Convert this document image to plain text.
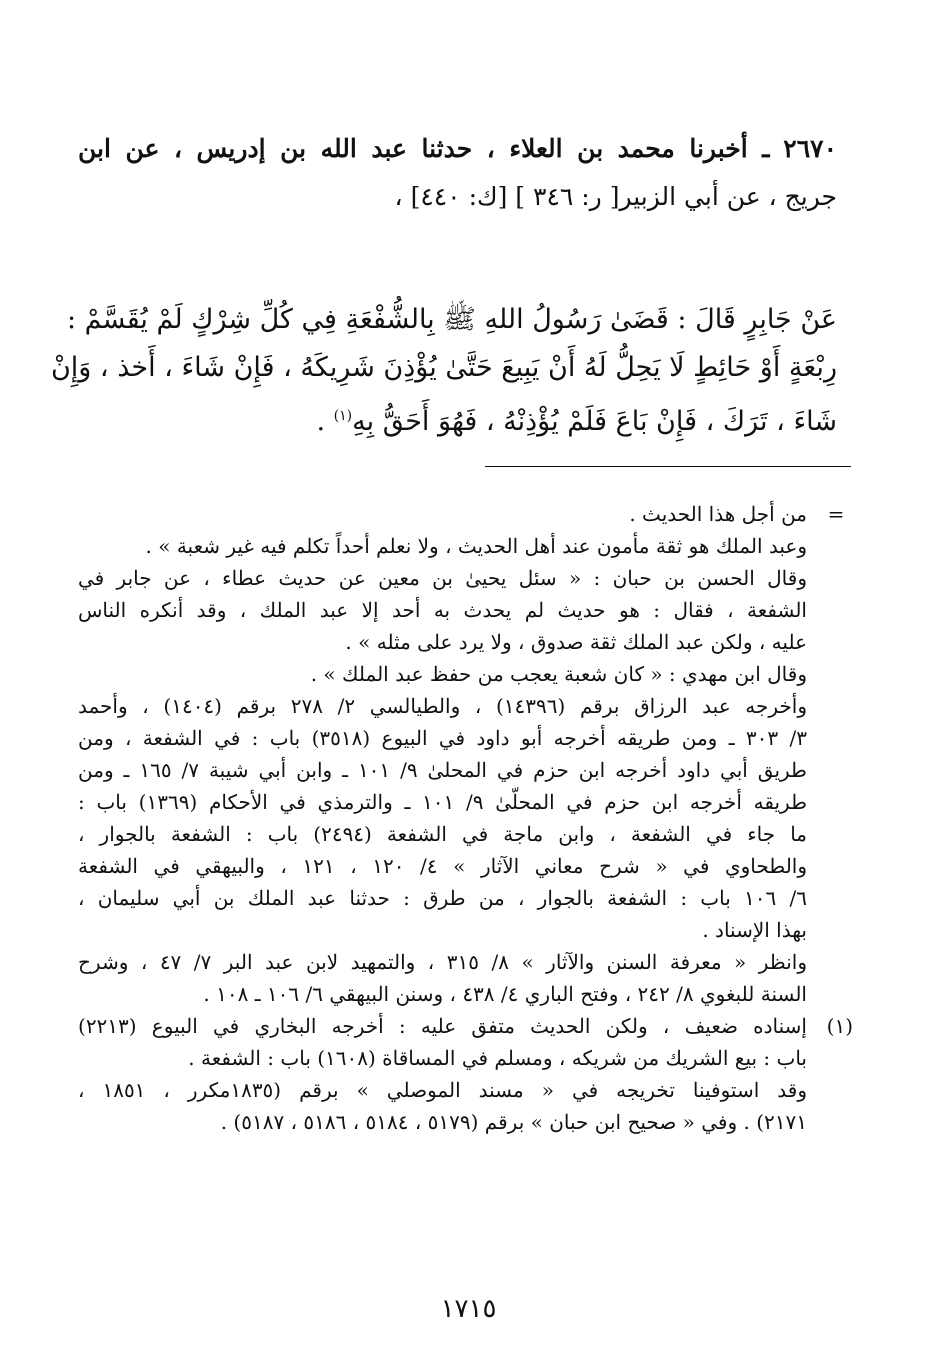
٢٦٧٠ ـ أخبرنا محمد بن العلاء ، حدثنا عبد الله بن إدريس ، عن ابن
جريج ، عن أبي الزبير[ ر: ٣٤٦ ] [ك: ٤٤٠] ،
عَنْ جَابِرٍ قَالَ : قَضَىٰ رَسُولُ اللهِ ﷺ بِالشُّفْعَةِ فِي كُلِّ شِرْكٍ لَمْ يُقَسَّمْ :
رِبْعَةٍ أَوْ حَائِطٍ لَا يَحِلُّ لَهُ أَنْ يَبِيعَ حَتَّىٰ يُؤْذِنَ شَرِيكَهُ ، فَإِنْ شَاءَ ، أَخذ ، وَإِنْ
شَاءَ ، تَرَكَ ، فَإِنْ بَاعَ فَلَمْ يُؤْذِنْهُ ، فَهُوَ أَحَقُّ بِهِ$^{(١)}$ .
=
من أجل هذا الحديث .
وعبد الملك هو ثقة مأمون عند أهل الحديث ، ولا نعلم أحداً تكلم فيه غير شعبة » .
وقال الحسن بن حبان : « سئل يحيىٰ بن معين عن حديث عطاء ، عن جابر في
الشفعة ، فقال : هو حديث لم يحدث به أحد إلا عبد الملك ، وقد أنكره الناس
عليه ، ولكن عبد الملك ثقة صدوق ، ولا يرد على مثله » .
وقال ابن مهدي : « كان شعبة يعجب من حفظ عبد الملك » .
وأخرجه عبد الرزاق برقم (١٤٣٩٦) ، والطيالسي ٢/ ٢٧٨ برقم (١٤٠٤) ، وأحمد
٣/ ٣٠٣ ـ ومن طريقه أخرجه أبو داود في البيوع (٣٥١٨) باب : في الشفعة ، ومن
طريق أبي داود أخرجه ابن حزم في المحلىٰ ٩/ ١٠١ ـ وابن أبي شيبة ٧/ ١٦٥ ـ ومن
طريقه أخرجه ابن حزم في المحلّىٰ ٩/ ١٠١ ـ والترمذي في الأحكام (١٣٦٩) باب :
ما جاء في الشفعة ، وابن ماجة في الشفعة (٢٤٩٤) باب : الشفعة بالجوار ،
والطحاوي في « شرح معاني الآثار » ٤/ ١٢٠ ، ١٢١ ، والبيهقي في الشفعة
٦/ ١٠٦ باب : الشفعة بالجوار ، من طرق : حدثنا عبد الملك بن أبي سليمان ،
بهذا الإسناد .
وانظر « معرفة السنن والآثار » ٨/ ٣١٥ ، والتمهيد لابن عبد البر ٧/ ٤٧ ، وشرح
السنة للبغوي ٨/ ٢٤٢ ، وفتح الباري ٤/ ٤٣٨ ، وسنن البيهقي ٦/ ١٠٦ ـ ١٠٨ .
(١)
إسناده ضعيف ، ولكن الحديث متفق عليه : أخرجه البخاري في البيوع (٢٢١٣)
باب : بيع الشريك من شريكه ، ومسلم في المساقاة (١٦٠٨) باب : الشفعة .
وقد استوفينا تخريجه في « مسند الموصلي » برقم (١٨٣٥مكرر ، ١٨٥١ ،
٢١٧١) . وفي « صحيح ابن حبان » برقم (٥١٧٩ ، ٥١٨٤ ، ٥١٨٦ ، ٥١٨٧) .
١٧١٥
